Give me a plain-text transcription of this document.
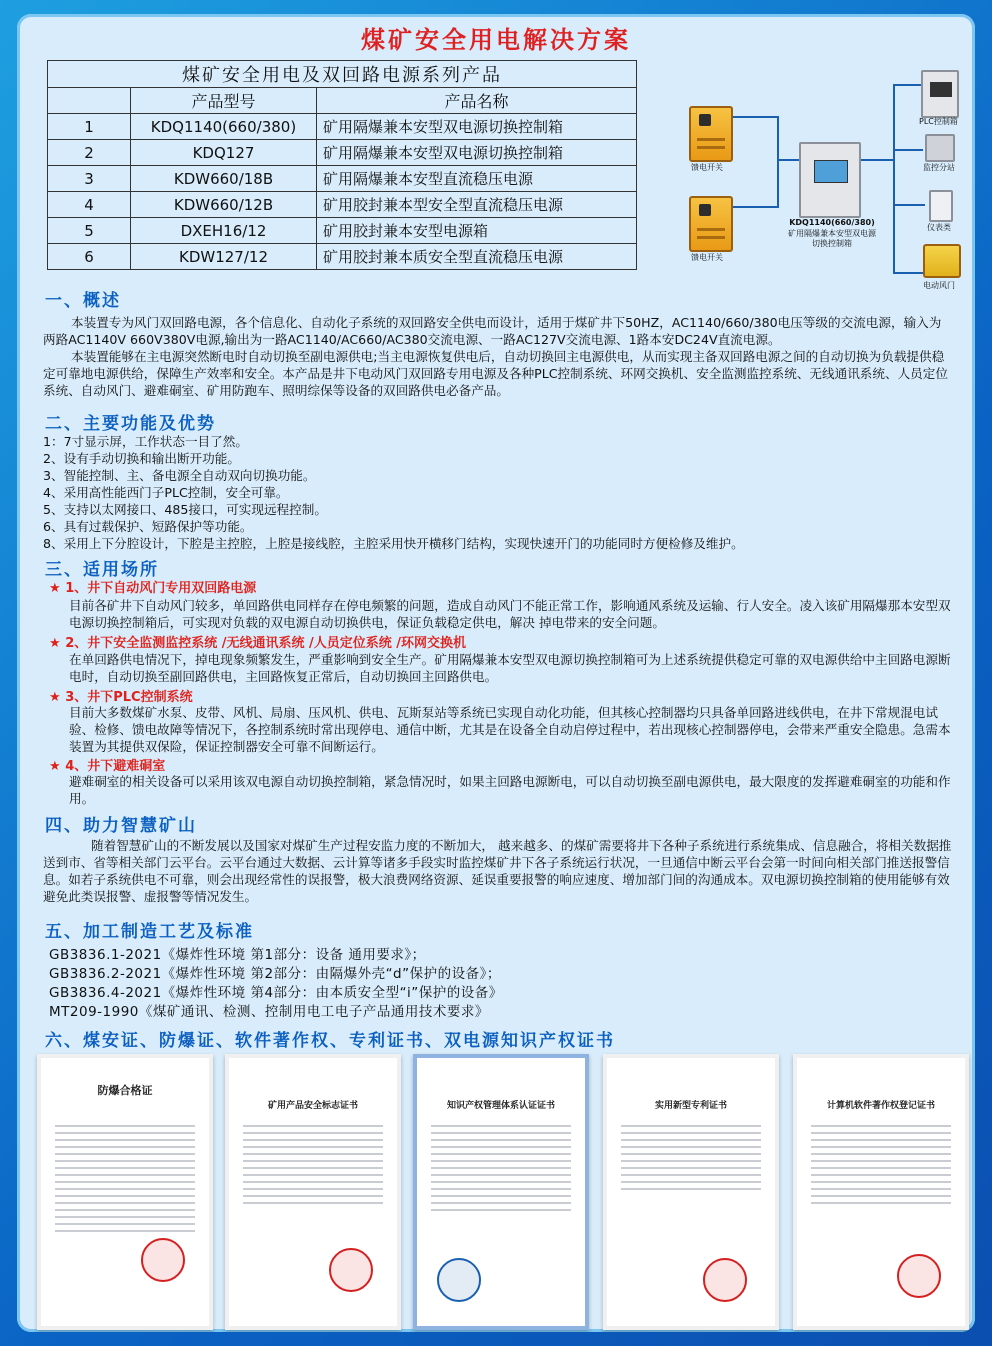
煤矿安全用电解决方案
煤矿安全用电及双回路电源系列产品		
	产品型号	产品名称
1	KDQ1140(660/380)	矿用隔爆兼本安型双电源切换控制箱
2	KDQ127	矿用隔爆兼本安型双电源切换控制箱
3	KDW660/18B	矿用隔爆兼本安型直流稳压电源
4	KDW660/12B	矿用胶封兼本型安全型直流稳压电源
5	DXEH16/12	矿用胶封兼本安型电源箱
6	KDW127/12	矿用胶封兼本质安全型直流稳压电源
馈电开关
馈电开关
KDQ1140(660/380)
矿用隔爆兼本安型双电源
切换控制箱
PLC控制箱
监控分站
仪表类
电动风门
一、概述
本装置专为风门双回路电源，各个信息化、自动化子系统的双回路安全供电而设计，适用于煤矿井下50HZ，AC1140/660/380电压等级的交流电源，输入为两路AC1140V 660V380V电源,输出为一路AC1140/AC660/AC380交流电源、一路AC127V交流电源、1路本安DC24V直流电源。
本装置能够在主电源突然断电时自动切换至副电源供电;当主电源恢复供电后，自动切换回主电源供电，从而实现主备双回路电源之间的自动切换为负载提供稳定可靠地电源供给，保障生产效率和安全。本产品是井下电动风门双回路专用电源及各种PLC控制系统、环网交换机、安全监测监控系统、无线通讯系统、人员定位系统、自动风门、避难硐室、矿用防跑车、照明综保等设备的双回路供电必备产品。
二、主要功能及优势
1：7寸显示屏，工作状态一目了然。
2、设有手动切换和输出断开功能。
3、智能控制、主、备电源全自动双向切换功能。
4、采用高性能西门子PLC控制，安全可靠。
5、支持以太网接口、485接口，可实现远程控制。
6、具有过载保护、短路保护等功能。
8、采用上下分腔设计，下腔是主控腔，上腔是接线腔，主腔采用快开横移门结构，实现快速开门的功能同时方便检修及维护。
三、适用场所
★ 1、井下自动风门专用双回路电源
目前各矿井下自动风门较多，单回路供电同样存在停电频繁的问题，造成自动风门不能正常工作，影响通风系统及运输、行人安全。凌入该矿用隔爆那本安型双电源切换控制箱后，可实现对负载的双电源自动切换供电，保证负载稳定供电，解决 掉电带来的安全问题。
★ 2、井下安全监测监控系统 /无线通讯系统 /人员定位系统 /环网交换机
在单回路供电情况下，掉电现象频繁发生，严重影响到安全生产。矿用隔爆兼本安型双电源切换控制箱可为上述系统提供稳定可靠的双电源供给中主回路电源断电时，自动切换至副回路供电，主回路恢复正常后，自动切换回主回路供电。
★ 3、井下PLC控制系统
目前大多数煤矿水泵、皮带、风机、局扇、压风机、供电、瓦斯泵站等系统已实现自动化功能，但其核心控制器均只具备单回路进线供电，在井下常规混电试验、检修、馈电故障等情况下，各控制系统时常出现停电、通信中断，尤其是在设备全自动启停过程中，若出现核心控制器停电，会带来严重安全隐患。急需本装置为其提供双保险，保证控制器安全可靠不间断运行。
★ 4、井下避难硐室
避难硐室的相关设备可以采用该双电源自动切换控制箱，紧急情况时，如果主回路电源断电，可以自动切换至副电源供电，最大限度的发挥避难硐室的功能和作用。
四、助力智慧矿山
随着智慧矿山的不断发展以及国家对煤矿生产过程安监力度的不断加大， 越来越多、的煤矿需要将井下各种子系统进行系统集成、信息融合，将相关数据推送到市、省等相关部门云平台。云平台通过大数据、云计算等诸多手段实时监控煤矿井下各子系统运行状况，一旦通信中断云平台会第一时间向相关部门推送报警信息。如若子系统供电不可靠，则会出现经常性的误报警，极大浪费网络资源、延误重要报警的响应速度、增加部门间的沟通成本。双电源切换控制箱的使用能够有效避免此类误报警、虚报警等情况发生。
五、加工制造工艺及标准
GB3836.1-2021《爆炸性环境 第1部分：设备 通用要求》；
GB3836.2-2021《爆炸性环境 第2部分：由隔爆外壳“d”保护的设备》；
GB3836.4-2021《爆炸性环境 第4部分：由本质安全型“i”保护的设备》
MT209-1990《煤矿通讯、检测、控制用电工电子产品通用技术要求》
六、煤安证、防爆证、软件著作权、专利证书、双电源知识产权证书
防爆合格证
矿用产品安全标志证书	知识产权管理体系认证证书	实用新型专利证书	计算机软件著作权登记证书
